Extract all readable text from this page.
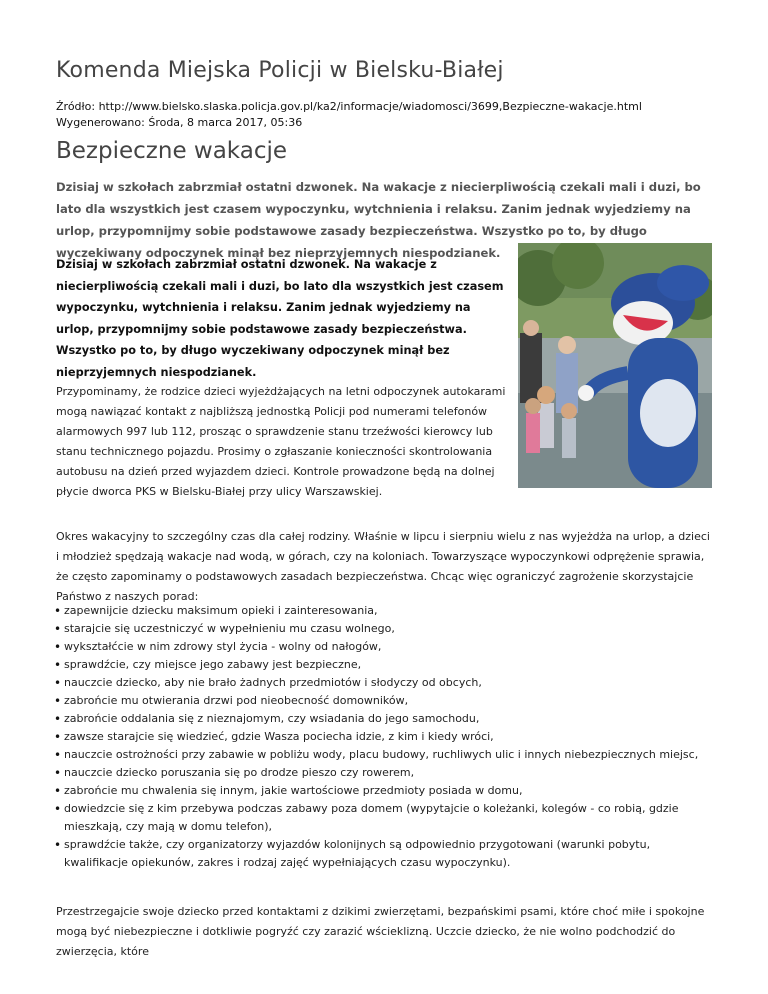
Komenda Miejska Policji w Bielsku-Białej
Źródło: http://www.bielsko.slaska.policja.gov.pl/ka2/informacje/wiadomosci/3699,Bezpieczne-wakacje.html
Wygenerowano: Środa, 8 marca 2017, 05:36
Bezpieczne wakacje

Dzisiaj w szkołach zabrzmiał ostatni dzwonek. Na wakacje z niecierpliwością czekali mali i duzi, bo lato dla wszystkich jest czasem wypoczynku, wytchnienia i relaksu. Zanim jednak wyjedziemy na urlop, przypomnijmy sobie podstawowe zasady bezpieczeństwa. Wszystko po to, by długo wyczekiwany odpoczynek minął bez nieprzyjemnych niespodzianek.

Dzisiaj w szkołach zabrzmiał ostatni dzwonek. Na wakacje z niecierpliwością czekali mali i duzi, bo lato dla wszystkich jest czasem wypoczynku, wytchnienia i relaksu. Zanim jednak wyjedziemy na urlop, przypomnijmy sobie podstawowe zasady bezpieczeństwa. Wszystko po to, by długo wyczekiwany odpoczynek minął bez nieprzyjemnych niespodzianek.

Przypominamy, że rodzice dzieci wyjeżdżających na letni odpoczynek autokarami mogą nawiązać kontakt z najbliższą jednostką Policji pod numerami telefonów alarmowych 997 lub 112, prosząc o sprawdzenie stanu trzeźwości kierowcy lub stanu technicznego pojazdu. Prosimy o zgłaszanie konieczności skontrolowania autobusu na dzień przed wyjazdem dzieci. Kontrole prowadzone będą na dolnej płycie dworca PKS w Bielsku-Białej przy ulicy Warszawskiej.

Okres wakacyjny to szczególny czas dla całej rodziny. Właśnie w lipcu i sierpniu wielu z nas wyjeżdża na urlop, a dzieci i młodzież spędzają wakacje nad wodą, w górach, czy na koloniach. Towarzyszące wypoczynkowi odprężenie sprawia, że często zapominamy o podstawowych zasadach bezpieczeństwa. Chcąc więc ograniczyć zagrożenie skorzystajcie Państwo z naszych porad:

• zapewnijcie dziecku maksimum opieki i zainteresowania,
• starajcie się uczestniczyć w wypełnieniu mu czasu wolnego,
• wykształćcie w nim zdrowy styl życia - wolny od nałogów,
• sprawdźcie, czy miejsce jego zabawy jest bezpieczne,
• nauczcie dziecko, aby nie brało żadnych przedmiotów i słodyczy od obcych,
• zabrońcie mu otwierania drzwi pod nieobecność domowników,
• zabrońcie oddalania się z nieznajomym, czy wsiadania do jego samochodu,
• zawsze starajcie się wiedzieć, gdzie Wasza pociecha idzie, z kim i kiedy wróci,
• nauczcie ostrożności przy zabawie w pobliżu wody, placu budowy, ruchliwych ulic i innych niebezpiecznych miejsc,
• nauczcie dziecko poruszania się po drodze pieszo czy rowerem,
• zabrońcie mu chwalenia się innym, jakie wartościowe przedmioty posiada w domu,
• dowiedzcie się z kim przebywa podczas zabawy poza domem (wypytajcie o koleżanki, kolegów - co robią, gdzie mieszkają, czy mają w domu telefon),
• sprawdźcie także, czy organizatorzy wyjazdów kolonijnych są odpowiednio przygotowani (warunki pobytu, kwalifikacje opiekunów, zakres i rodzaj zajęć wypełniających czasu wypoczynku).

Przestrzegajcie swoje dziecko przed kontaktami z dzikimi zwierzętami, bezpańskimi psami, które choć miłe i spokojne mogą być niebezpieczne i dotkliwie pogryźć czy zarazić wścieklizną. Uczcie dziecko, że nie wolno podchodzić do zwierzęcia, które
